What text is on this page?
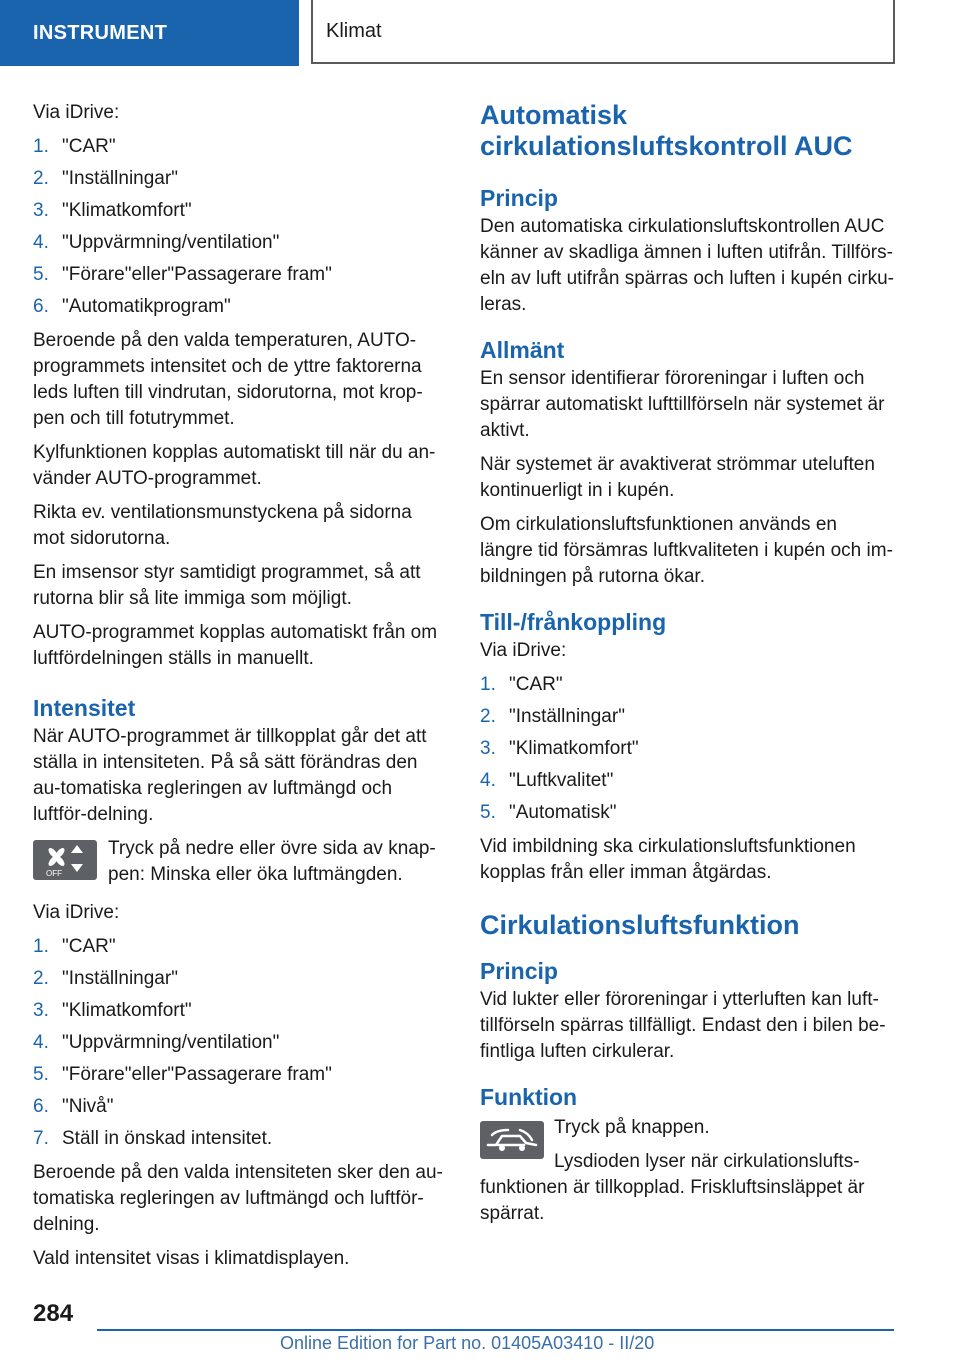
INSTRUMENT	Klimat

Via iDrive:

1. "CAR"
2. "Inställningar"
3. "Klimatkomfort"
4. "Uppvärmning/ventilation"
5. "Förare"eller"Passagerare fram"
6. "Automatikprogram"

Beroende på den valda temperaturen, AUTO-programmets intensitet och de yttre faktorerna leds luften till vindrutan, sidorutorna, mot krop-pen och till fotutrymmet.

Kylfunktionen kopplas automatiskt till när du an-vänder AUTO-programmet.

Rikta ev. ventilationsmunstyckena på sidorna mot sidorutorna.

En imsensor styr samtidigt programmet, så att rutorna blir så lite immiga som möjligt.

AUTO-programmet kopplas automatiskt från om luftfördelningen ställs in manuellt.

Intensitet

När AUTO-programmet är tillkopplat går det att ställa in intensiteten. På så sätt förändras den au-tomatiska regleringen av luftmängd och luftför-delning.

OFF

Tryck på nedre eller övre sida av knap-pen: Minska eller öka luftmängden.

Via iDrive:

1. "CAR"
2. "Inställningar"
3. "Klimatkomfort"
4. "Uppvärmning/ventilation"
5. "Förare"eller"Passagerare fram"
6. "Nivå"
7. Ställ in önskad intensitet.

Beroende på den valda intensiteten sker den au-tomatiska regleringen av luftmängd och luftför-delning.

Vald intensitet visas i klimatdisplayen.

Automatisk cirkulationsluftskontroll AUC
Princip

Den automatiska cirkulationsluftskontrollen AUC känner av skadliga ämnen i luften utifrån. Tillförs-eln av luft utifrån spärras och luften i kupén cirku-leras.

Allmänt

En sensor identifierar föroreningar i luften och spärrar automatiskt lufttillförseln när systemet är aktivt.

När systemet är avaktiverat strömmar uteluften kontinuerligt in i kupén.

Om cirkulationsluftsfunktionen används en längre tid försämras luftkvaliteten i kupén och im-bildningen på rutorna ökar.

Till-/frånkoppling

Via iDrive:

1. "CAR"
2. "Inställningar"
3. "Klimatkomfort"
4. "Luftkvalitet"
5. "Automatisk"

Vid imbildning ska cirkulationsluftsfunktionen kopplas från eller imman åtgärdas.

Cirkulationsluftsfunktion
Princip

Vid lukter eller föroreningar i ytterluften kan luft-tillförseln spärras tillfälligt. Endast den i bilen be-fintliga luften cirkulerar.

Funktion

Tryck på knappen.

Lysdioden lyser när cirkulationslufts-funktionen är tillkopplad. Friskluftsinsläppet är spärrat.

284
Online Edition for Part no. 01405A03410 - II/20
